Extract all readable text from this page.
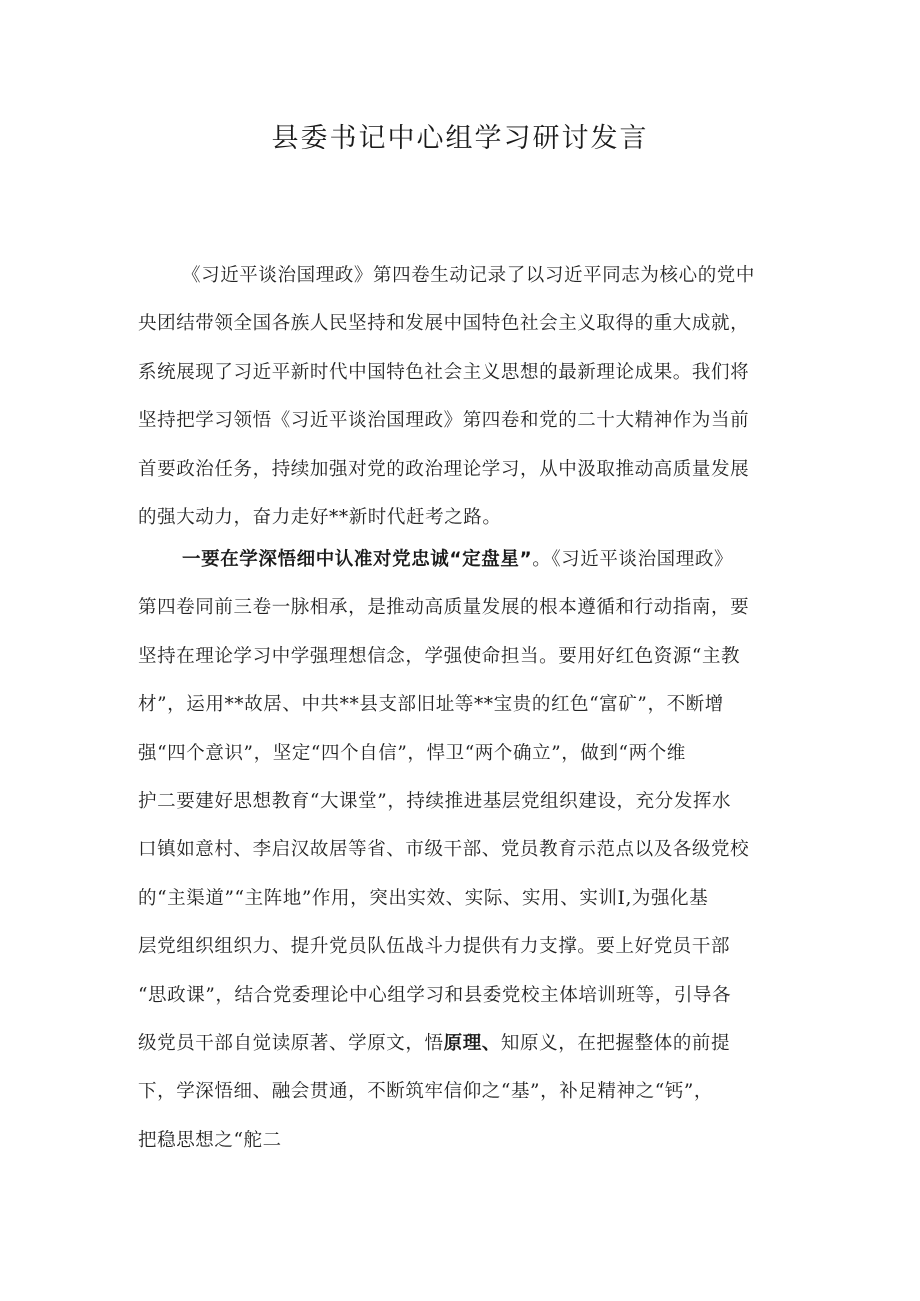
县委书记中心组学习研讨发言
《习近平谈治国理政》第四卷生动记录了以习近平同志为核心的党中
央团结带领全国各族人民坚持和发展中国特色社会主义取得的重大成就，
系统展现了习近平新时代中国特色社会主义思想的最新理论成果。我们将
坚持把学习领悟《习近平谈治国理政》第四卷和党的二十大精神作为当前
首要政治任务，持续加强对党的政治理论学习，从中汲取推动高质量发展
的强大动力，奋力走好**新时代赶考之路。
一要在学深悟细中认准对党忠诚“定盘星”。《习近平谈治国理政》
第四卷同前三卷一脉相承，是推动高质量发展的根本遵循和行动指南，要
坚持在理论学习中学强理想信念，学强使命担当。要用好红色资源“主教
材”，运用**故居、中共**县支部旧址等**宝贵的红色“富矿”，不断增
强“四个意识”，坚定“四个自信”，悍卫“两个确立”，做到“两个维
护二要建好思想教育“大课堂”，持续推进基层党组织建设，充分发挥水
口镇如意村、李启汉故居等省、市级干部、党员教育示范点以及各级党校
的“主渠道”“主阵地”作用，突出实效、实际、实用、实训Ⅰ,为强化基
层党组织组织力、提升党员队伍战斗力提供有力支撑。要上好党员干部
“思政课”，结合党委理论中心组学习和县委党校主体培训班等，引导各
级党员干部自觉读原著、学原文，悟原理、知原义，在把握整体的前提
下，学深悟细、融会贯通，不断筑牢信仰之“基”，补足精神之“钙”，
把稳思想之“舵二
